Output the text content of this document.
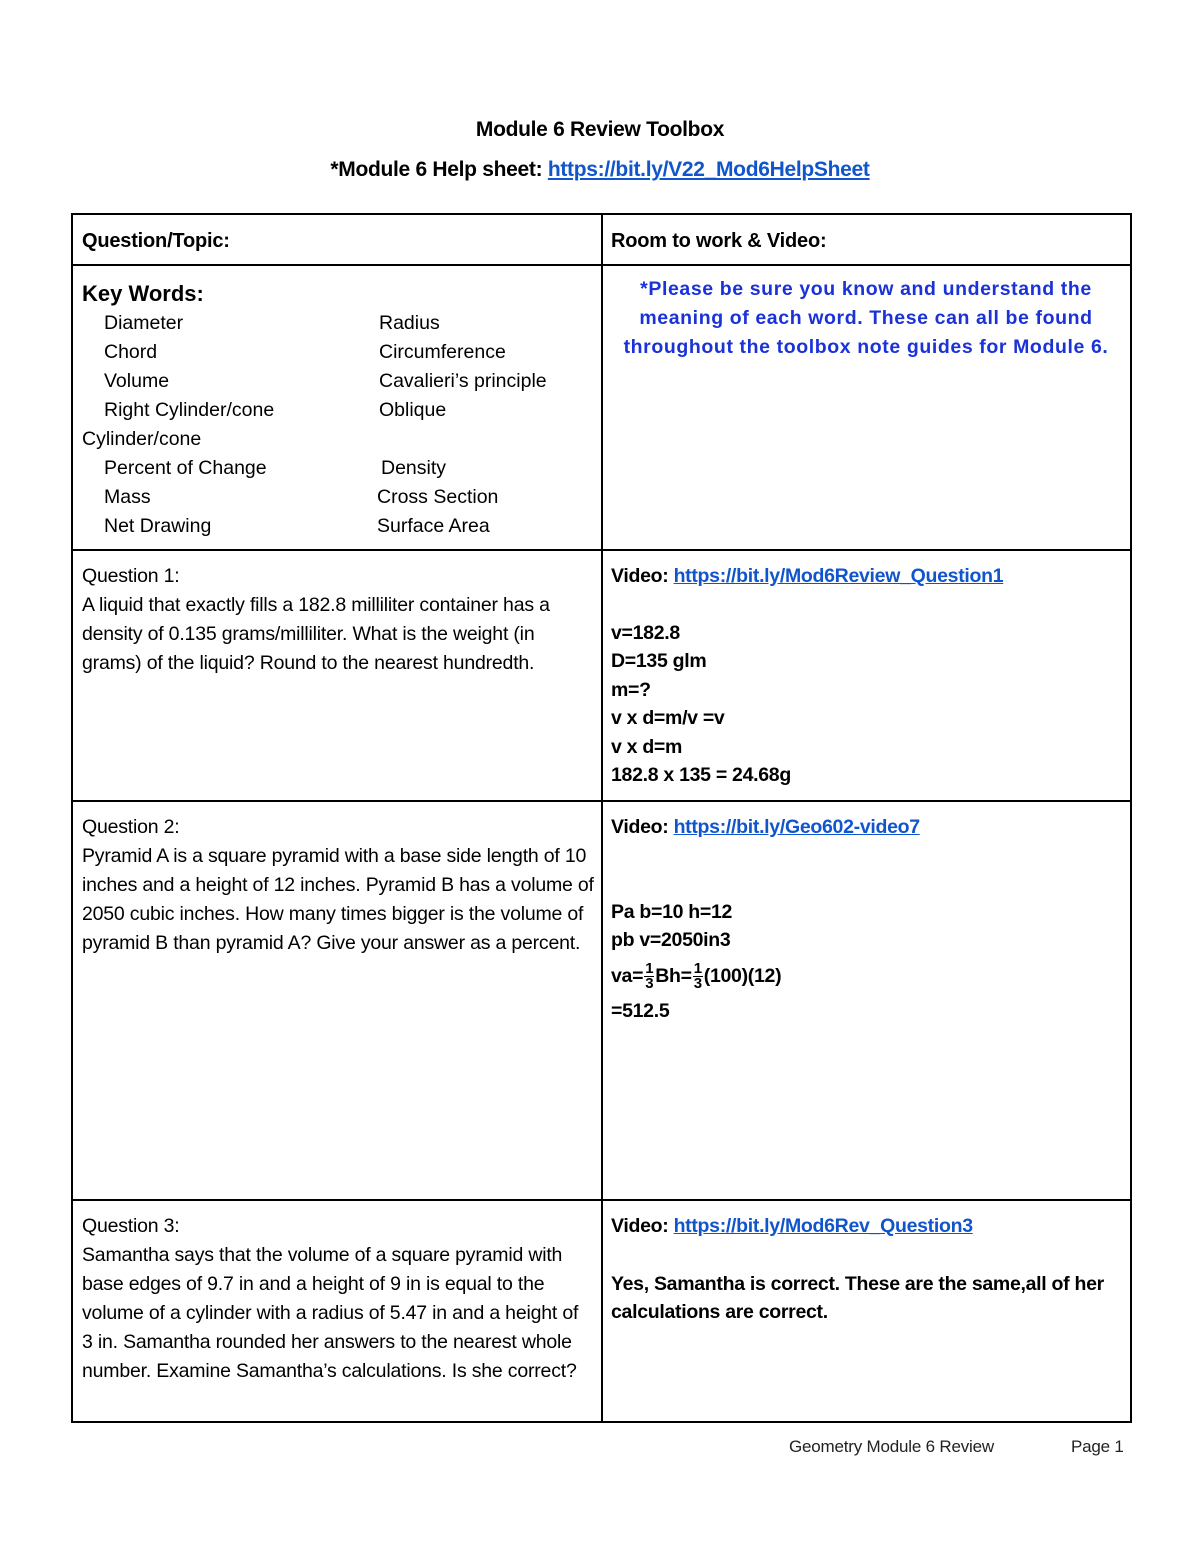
Module 6 Review Toolbox
*Module 6 Help sheet: https://bit.ly/V22_Mod6HelpSheet
Question/Topic:	Room to work & Video:
Key Words:
Diameter	Radius
Chord	Circumference
Volume	Cavalieri’s principle
Right Cylinder/cone	Oblique
Cylinder/cone
Percent of Change	Density
Mass	Cross Section
Net Drawing	Surface Area
*Please be sure you know and understand the meaning of each word. These can all be found throughout the toolbox note guides for Module 6.
Question 1:
A liquid that exactly fills a 182.8 milliliter container has a density of 0.135 grams/milliliter. What is the weight (in grams) of the liquid? Round to the nearest hundredth.
Video: https://bit.ly/Mod6Review_Question1
v=182.8
D=135 glm
m=?
v x d=m/v =v
v x d=m
182.8 x 135 = 24.68g
Question 2:
Pyramid A is a square pyramid with a base side length of 10 inches and a height of 12 inches. Pyramid B has a volume of 2050 cubic inches. How many times bigger is the volume of pyramid B than pyramid A? Give your answer as a percent.
Video: https://bit.ly/Geo602-video7
Pa b=10 h=12
pb v=2050in3
$va= \frac{1}{3} Bh= \frac{1}{3} (100)(12)$
=512.5
Question 3:
Samantha says that the volume of a square pyramid with base edges of 9.7 in and a height of 9 in is equal to the volume of a cylinder with a radius of 5.47 in and a height of 3 in. Samantha rounded her answers to the nearest whole number. Examine Samantha’s calculations. Is she correct?
Video: https://bit.ly/Mod6Rev_Question3
Yes, Samantha is correct. These are the same,all of her calculations are correct.
Geometry Module 6 Review	Page 1
